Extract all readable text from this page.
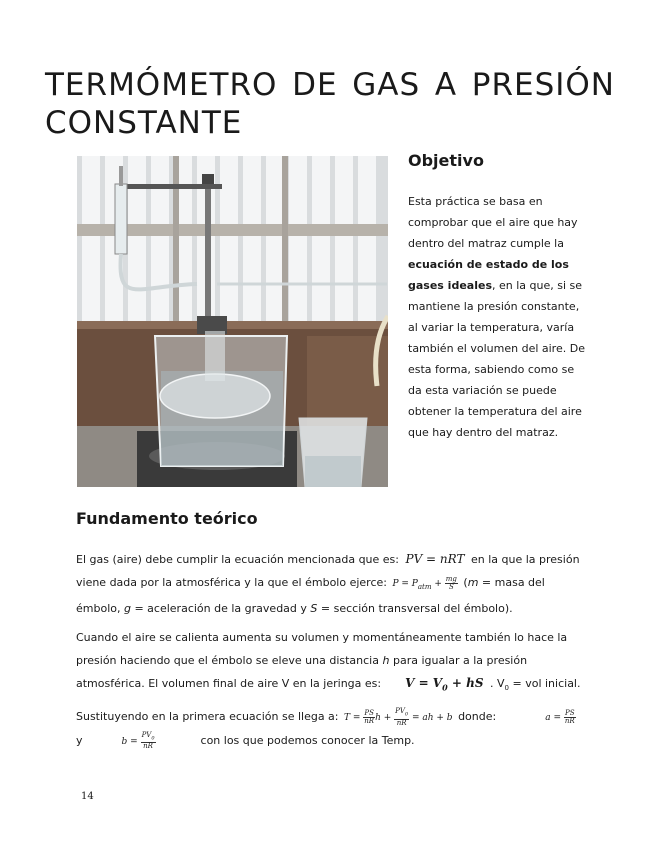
TERMÓMETRO DE GAS A PRESIÓN
CONSTANTE
Objetivo

Esta práctica se basa en comprobar que el aire que hay dentro del matraz cumple la ecuación de estado de los gases ideales, en la que, si se mantiene la presión constante, al variar la temperatura, varía también el volumen del aire. De esta forma, sabiendo como se da esta variación se puede obtener la temperatura del aire que hay dentro del matraz.

Fundamento teórico

El gas (aire) debe cumplir la ecuación mencionada que es: PV = nRT en la que la presión viene dada por la atmosférica y la que el émbolo ejerce: $P = P_{atm} + \frac{mg}{S} (m$ = masa del émbolo, g = aceleración de la gravedad y S = sección transversal del émbolo).

Cuando el aire se calienta aumenta su volumen y momentáneamente también lo hace la presión haciendo que el émbolo se eleve una distancia h para igualar a la presión atmosférica. El volumen final de aire V en la jeringa es: $V = V_0$ + hS . $V_0$ = vol inicial.

Sustituyendo en la primera ecuación se llega a: $T = \frac{PS}{nR}$ $h + \frac{PV_0}{nR}$ = ah + b donde:	$a = \frac{PS}{nR}$

y	$b = \frac{PV_0}{nR}$	con los que podemos conocer la Temp.

14
